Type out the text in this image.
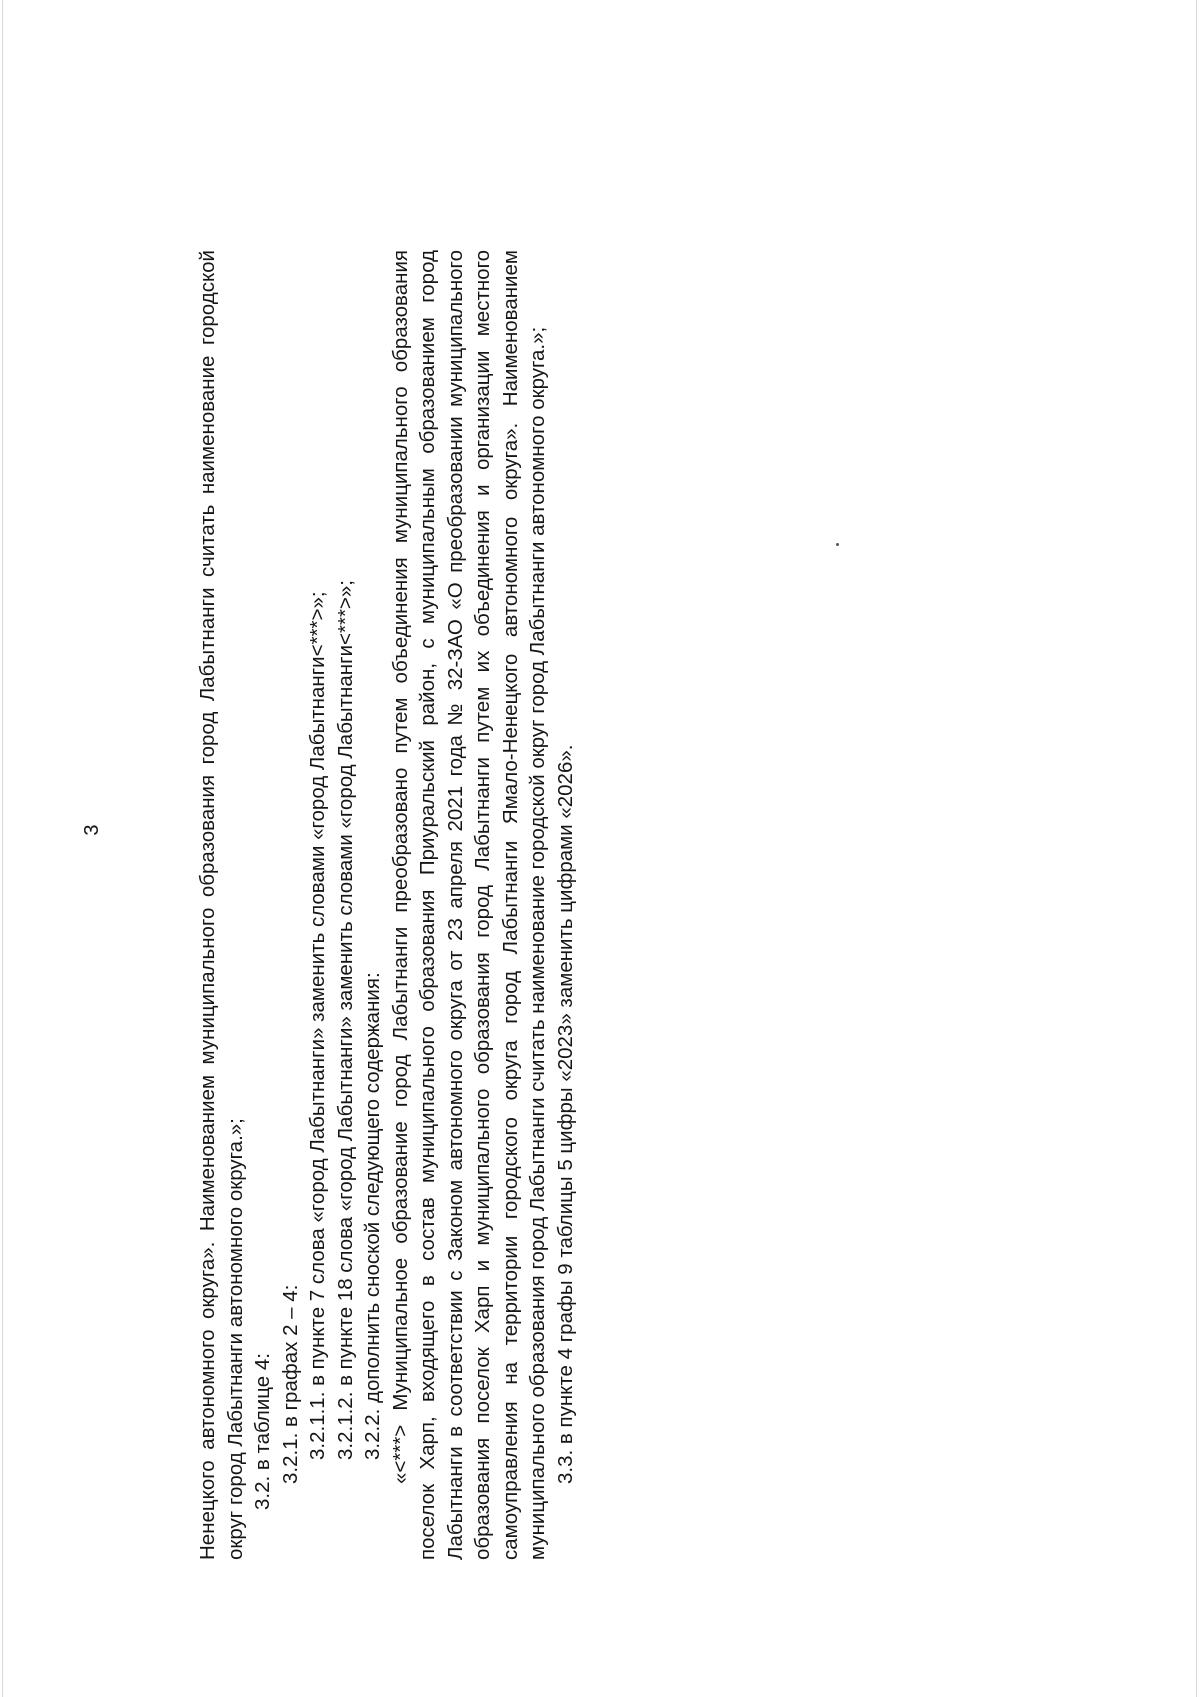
3	Ненецкого автономного округа». Наименованием муниципального образования город Лабытнанги считать наименование городской округ город Лабытнанги автономного округа.»; 3.2. в таблице 4: 3.2.1. в графах 2 – 4: 3.2.1.1. в пункте 7 слова «город Лабытнанги» заменить словами «город Лабытнанги<***>»; 3.2.1.2. в пункте 18 слова «город Лабытнанги» заменить словами «город Лабытнанги<***>»; 3.2.2. дополнить сноской следующего содержания: «<***> Муниципальное образование город Лабытнанги преобразовано путем объединения муниципального образования поселок Харп, входящего в состав муниципального образования Приуральский район, с муниципальным образованием город Лабытнанги в соответствии с Законом автономного округа от 23 апреля 2021 года № 32-ЗАО «О преобразовании муниципального образования поселок Харп и муниципального образования город Лабытнанги путем их объединения и организации местного самоуправления на территории городского округа город Лабытнанги Ямало-Ненецкого автономного округа». Наименованием муниципального образования город Лабытнанги считать наименование городской округ город Лабытнанги автономного округа.»; 3.3. в пункте 4 графы 9 таблицы 5 цифры «2023» заменить цифрами «2026».
